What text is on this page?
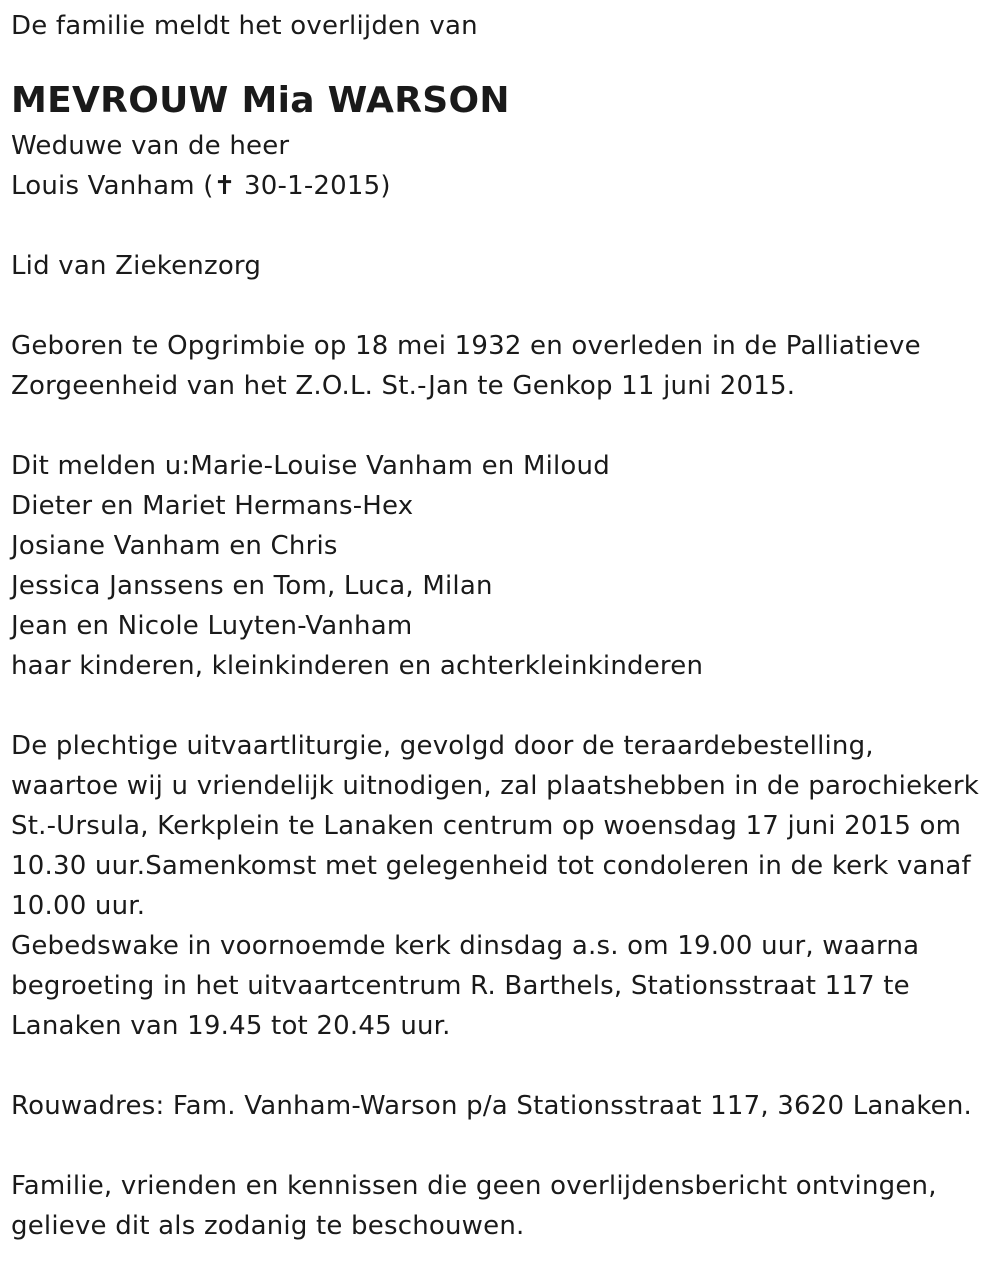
De familie meldt het overlijden van
MEVROUW Mia WARSON
Weduwe van de heer
Louis Vanham (✝ 30-1-2015)
Lid van Ziekenzorg
Geboren te Opgrimbie op 18 mei 1932 en overleden in de Palliatieve
Zorgeenheid van het Z.O.L. St.-Jan te Genkop 11 juni 2015.
Dit melden u:Marie-Louise Vanham en Miloud
Dieter en Mariet Hermans-Hex
Josiane Vanham en Chris
Jessica Janssens en Tom, Luca, Milan
Jean en Nicole Luyten-Vanham
haar kinderen, kleinkinderen en achterkleinkinderen
De plechtige uitvaartliturgie, gevolgd door de teraardebestelling,
waartoe wij u vriendelijk uitnodigen, zal plaatshebben in de parochiekerk
St.-Ursula, Kerkplein te Lanaken centrum op woensdag 17 juni 2015 om
10.30 uur.Samenkomst met gelegenheid tot condoleren in de kerk vanaf
10.00 uur.
Gebedswake in voornoemde kerk dinsdag a.s. om 19.00 uur, waarna
begroeting in het uitvaartcentrum R. Barthels, Stationsstraat 117 te
Lanaken van 19.45 tot 20.45 uur.
Rouwadres: Fam. Vanham-Warson p/a Stationsstraat 117, 3620 Lanaken.
Familie, vrienden en kennissen die geen overlijdensbericht ontvingen,
gelieve dit als zodanig te beschouwen.
